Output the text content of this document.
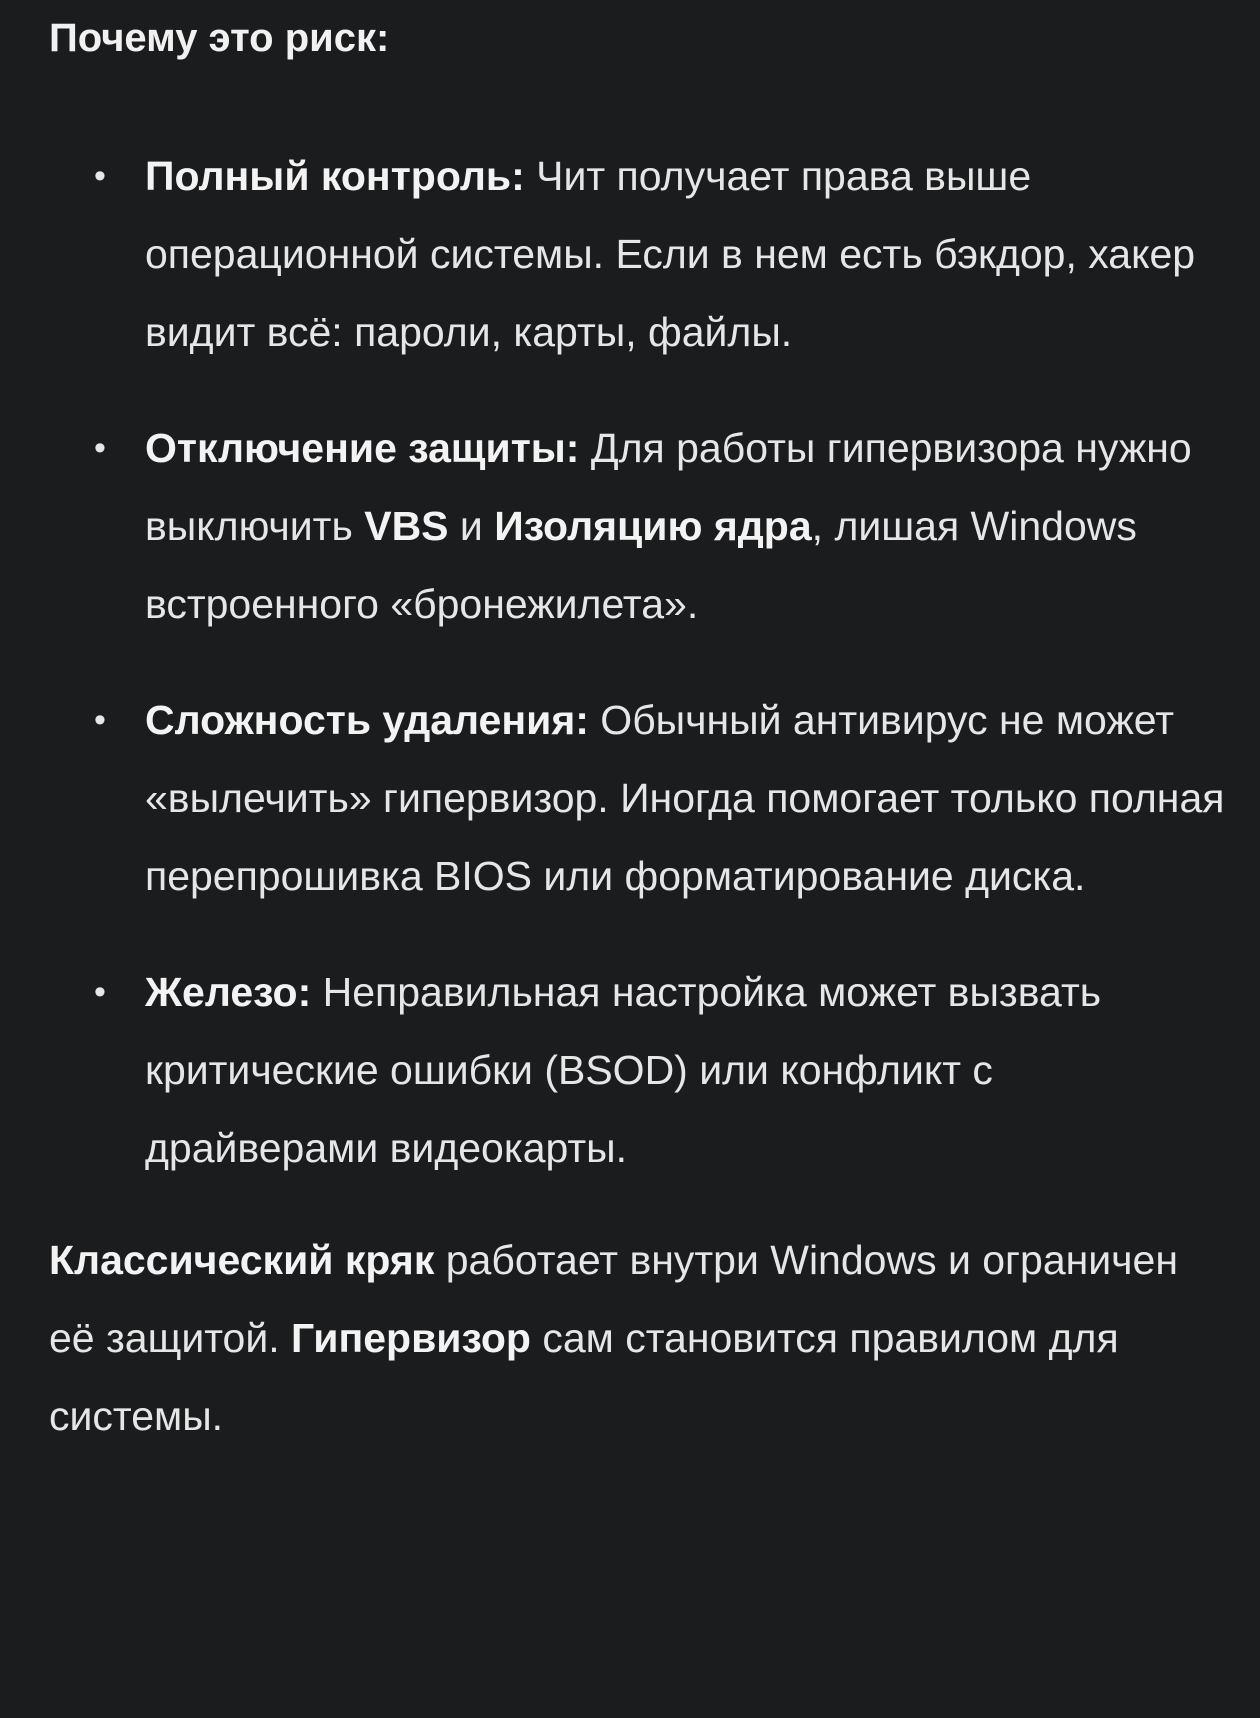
Почему это риск:
• Полный контроль: Чит получает права выше операционной системы. Если в нем есть бэкдор, хакер видит всё: пароли, карты, файлы.
• Отключение защиты: Для работы гипервизора нужно выключить VBS и Изоляцию ядра, лишая Windows встроенного «бронежилета».
• Сложность удаления: Обычный антивирус не может «вылечить» гипервизор. Иногда помогает только полная перепрошивка BIOS или форматирование диска.
• Железо: Неправильная настройка может вызвать критические ошибки (BSOD) или конфликт с драйверами видеокарты.
Классический кряк работает внутри Windows и ограничен её защитой. Гипервизор сам становится правилом для системы.
